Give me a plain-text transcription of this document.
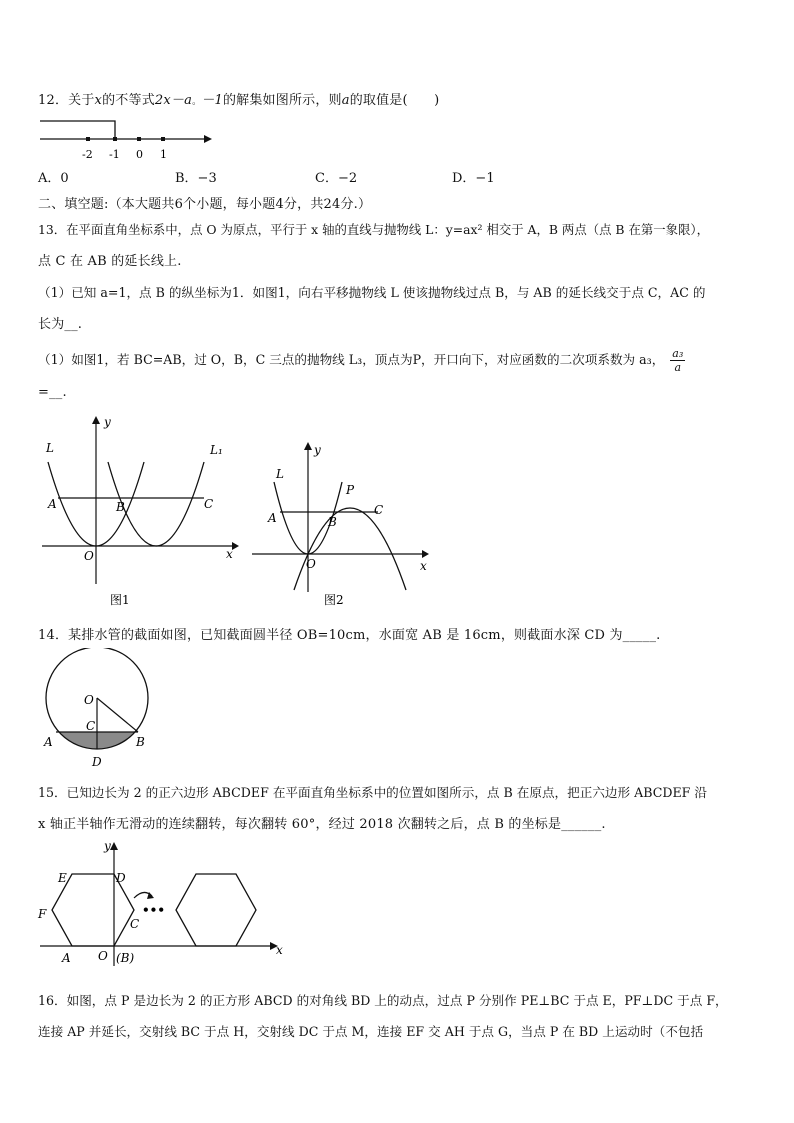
12．关于x的不等式2x－a。－1的解集如图所示，则a的取值是(　　)
-2 -1 0 1
A．0	B．−3	C．−2	D．−1
二、填空题:（本大题共6个小题，每小题4分，共24分.）
13．在平面直角坐标系中，点 O 为原点，平行于 x 轴的直线与抛物线 L：y=ax² 相交于 A，B 两点（点 B 在第一象限），
点 C 在 AB 的延长线上.
（1）已知 a=1，点 B 的纵坐标为1．如图1，向右平移抛物线 L 使该抛物线过点 B，与 AB 的延长线交于点 C，AC 的
长为__.
（1）如图1，若 BC=AB，过 O，B，C 三点的抛物线 L₃，顶点为P，开口向下，对应函数的二次项系数为 a₃， $\frac{\text{a₃}}{a}$
=__.
y
x
L	L₁
A	B	C
O
图1
y
x
L
P
A	B
C
O
图2
14．某排水管的截面如图，已知截面圆半径 OB=10cm，水面宽 AB 是 16cm，则截面水深 CD 为_____.
O
C
A	B
D
15．已知边长为 2 的正六边形 ABCDEF 在平面直角坐标系中的位置如图所示，点 B 在原点，把正六边形 ABCDEF 沿
x 轴正半轴作无滑动的连续翻转，每次翻转 60°，经过 2018 次翻转之后，点 B 的坐标是______.
•••
y
x
E	D
F
C
A O (B)
16．如图，点 P 是边长为 2 的正方形 ABCD 的对角线 BD 上的动点，过点 P 分别作 PE⊥BC 于点 E，PF⊥DC 于点 F，
连接 AP 并延长，交射线 BC 于点 H，交射线 DC 于点 M，连接 EF 交 AH 于点 G，当点 P 在 BD 上运动时（不包括
